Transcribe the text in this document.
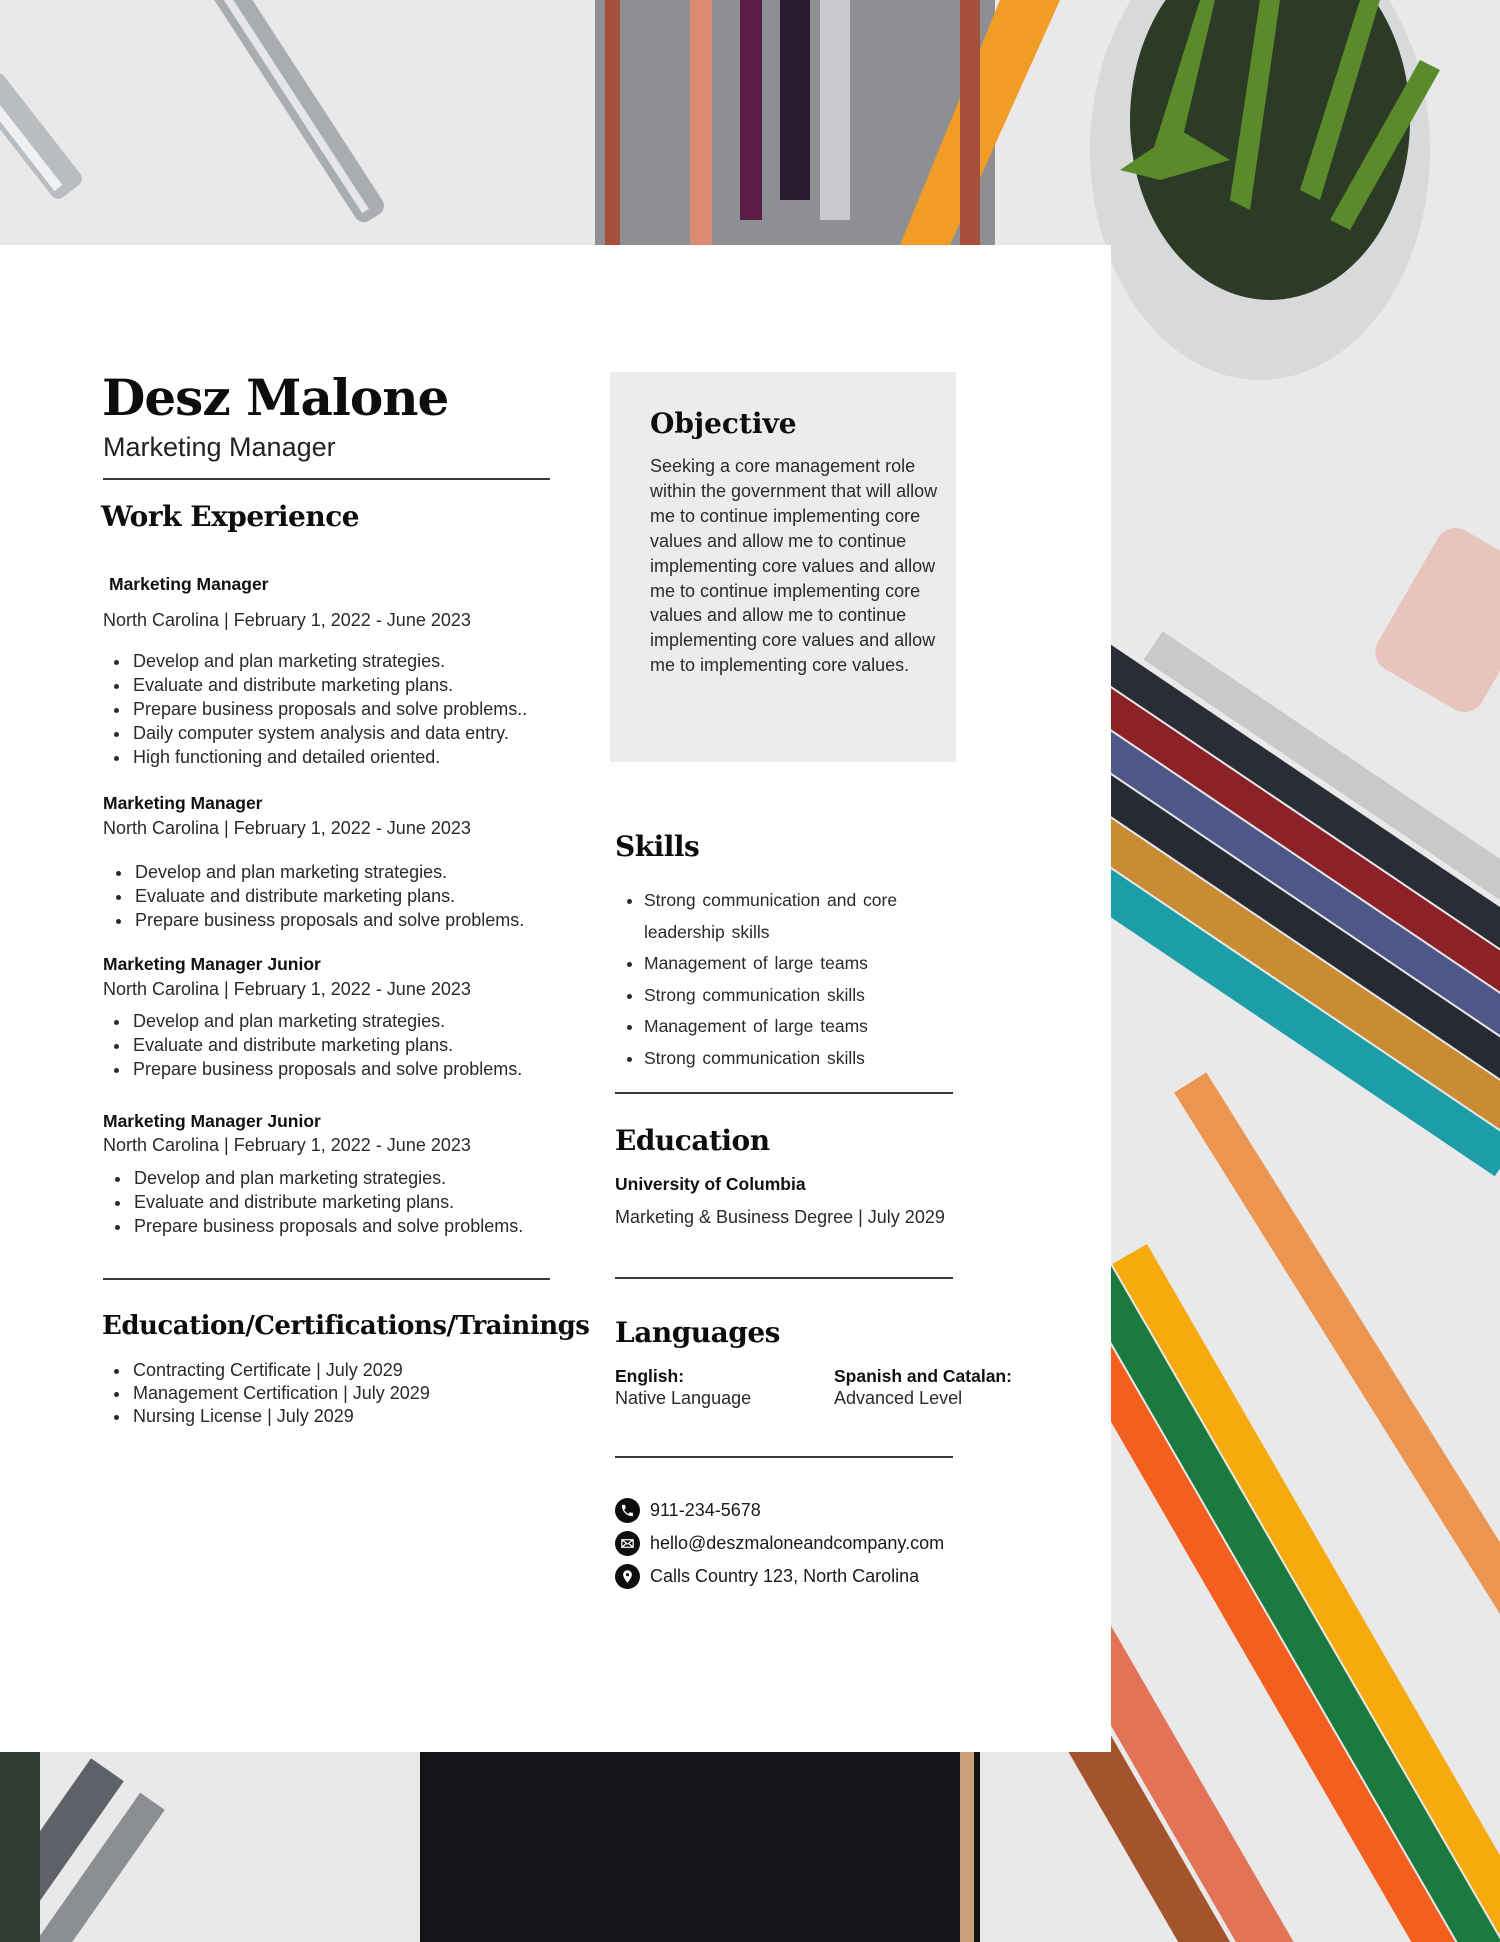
Desz Malone
Marketing Manager
Work Experience
Marketing Manager
North Carolina | February 1, 2022 - June 2023
• Develop and plan marketing strategies.
• Evaluate and distribute marketing plans.
• Prepare business proposals and solve problems..
• Daily computer system analysis and data entry.
• High functioning and detailed oriented.
Marketing Manager
North Carolina | February 1, 2022 - June 2023
• Develop and plan marketing strategies.
• Evaluate and distribute marketing plans.
• Prepare business proposals and solve problems.
Marketing Manager Junior
North Carolina | February 1, 2022 - June 2023
• Develop and plan marketing strategies.
• Evaluate and distribute marketing plans.
• Prepare business proposals and solve problems.
Marketing Manager Junior
North Carolina | February 1, 2022 - June 2023
• Develop and plan marketing strategies.
• Evaluate and distribute marketing plans.
• Prepare business proposals and solve problems.
Education/Certifications/Trainings
• Contracting Certificate | July 2029
• Management Certification | July 2029
• Nursing License | July 2029
Objective
Seeking a core management role within the government that will allow me to continue implementing core values and allow me to continue implementing core values and allow me to continue implementing core values and allow me to continue implementing core values and allow me to implementing core values.
Skills
• Strong communication and core leadership skills
• Management of large teams
• Strong communication skills
• Management of large teams
• Strong communication skills
Education
University of Columbia
Marketing & Business Degree | July 2029
Languages
English:
Native Language
Spanish and Catalan:
Advanced Level
911-234-5678
hello@deszmaloneandcompany.com
Calls Country 123, North Carolina
